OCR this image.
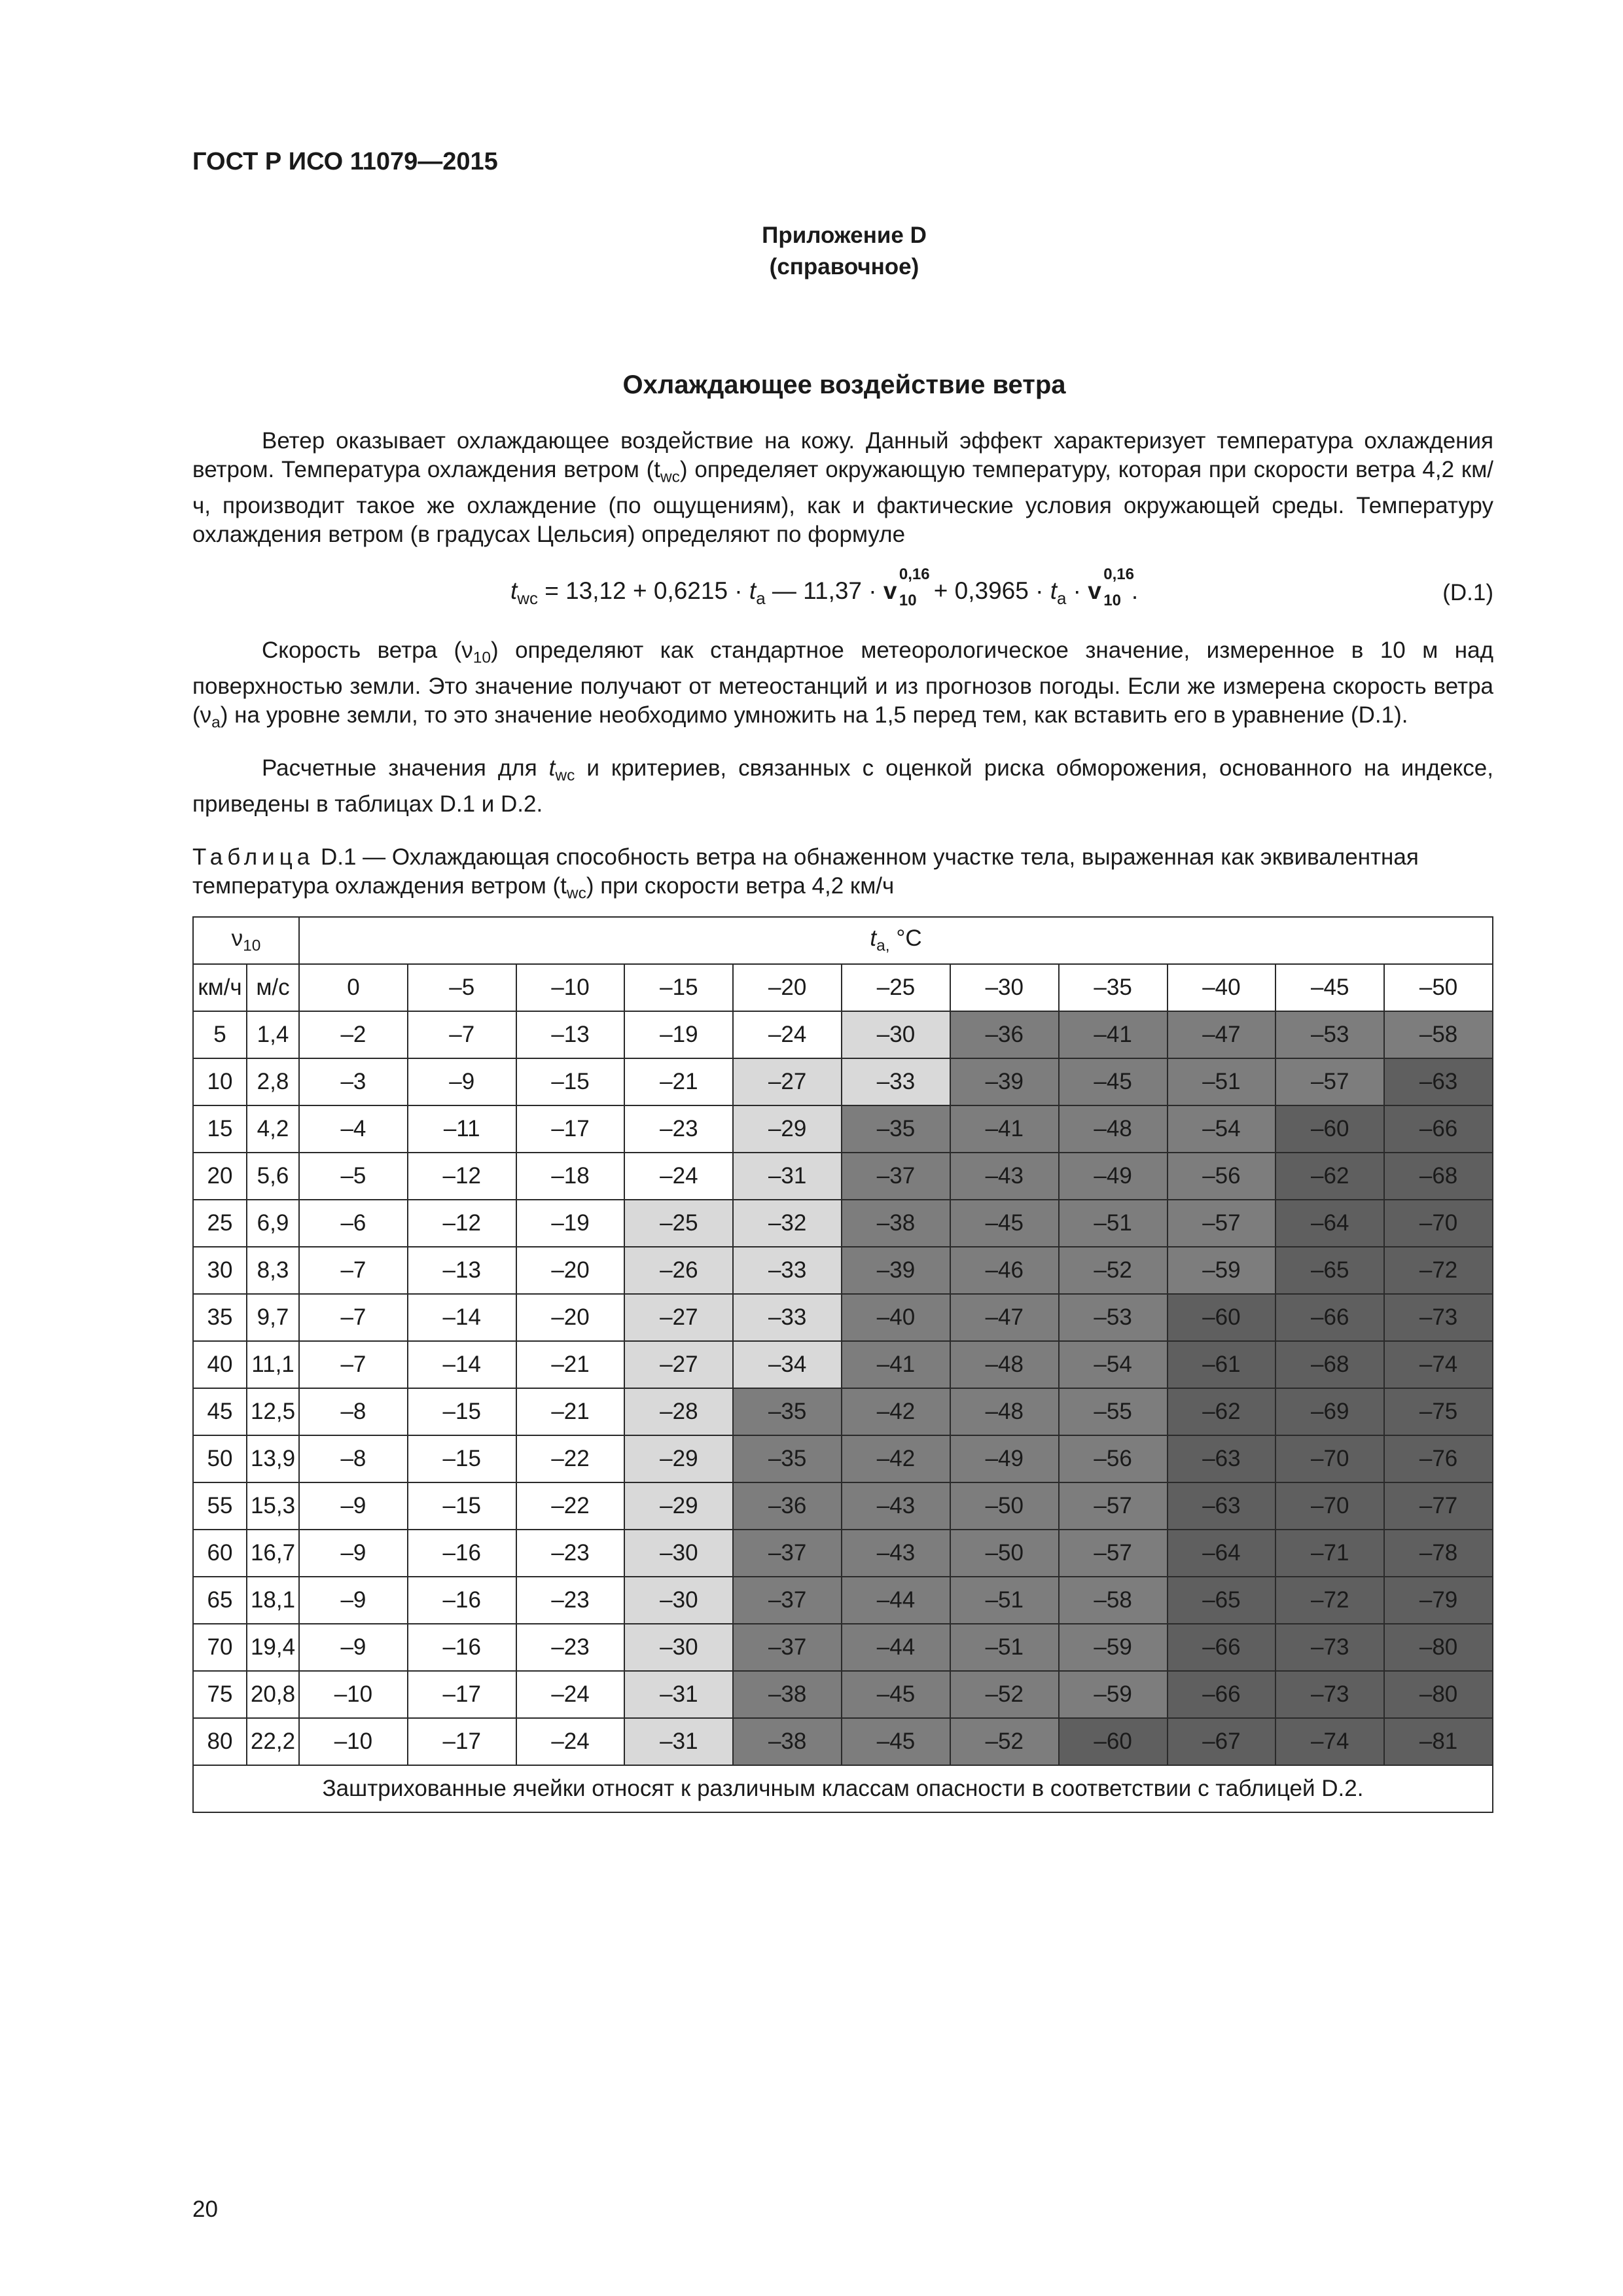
ГОСТ Р ИСО 11079—2015
Приложение D
(справочное)
Охлаждающее воздействие ветра
Ветер оказывает охлаждающее воздействие на кожу. Данный эффект характеризует температура охлаждения ветром. Температура охлаждения ветром $(t_{wc})$ определяет окружающую температуру, которая при скорости ветра 4,2 км/ч, производит такое же охлаждение (по ощущениям), как и фактические условия окружающей среды. Температуру охлаждения ветром (в градусах Цельсия) определяют по формуле
$t_{wc} = 13,12 + 0,6215 \cdot t_a$ — 11,37 · v
0,16
$10 + 0,3965 \cdot t_a \cdot v$
0,16
10 .	(D.1)
Скорость ветра $(\nu_{10})$ определяют как стандартное метеорологическое значение, измеренное в 10 м над поверхностью земли. Это значение получают от метеостанций и из прогнозов погоды. Если же измерена скорость ветра $(\nu_a)$ на уровне земли, то это значение необходимо умножить на 1,5 перед тем, как вставить его в уравнение (D.1).
Расчетные значения для $t_{wc}$ и критериев, связанных с оценкой риска обморожения, основанного на индексе, приведены в таблицах D.1 и D.2.
Таблица D.1 — Охлаждающая способность ветра на обнаженном участке тела, выраженная как эквивалентная температура охлаждения ветром $(t_{wc})$ при скорости ветра 4,2 км/ч
$\nu_{10}$		$t_{a,}$ °C										
км/ч	м/с	0	–5	–10	–15	–20	–25	–30	–35	–40	–45	–50
5	1,4	–2	–7	–13	–19	–24	–30	–36	–41	–47	–53	–58
10	2,8	–3	–9	–15	–21	–27	–33	–39	–45	–51	–57	–63
15	4,2	–4	–11	–17	–23	–29	–35	–41	–48	–54	–60	–66
20	5,6	–5	–12	–18	–24	–31	–37	–43	–49	–56	–62	–68
25	6,9	–6	–12	–19	–25	–32	–38	–45	–51	–57	–64	–70
30	8,3	–7	–13	–20	–26	–33	–39	–46	–52	–59	–65	–72
35	9,7	–7	–14	–20	–27	–33	–40	–47	–53	–60	–66	–73
40	11,1	–7	–14	–21	–27	–34	–41	–48	–54	–61	–68	–74
45	12,5	–8	–15	–21	–28	–35	–42	–48	–55	–62	–69	–75
50	13,9	–8	–15	–22	–29	–35	–42	–49	–56	–63	–70	–76
55	15,3	–9	–15	–22	–29	–36	–43	–50	–57	–63	–70	–77
60	16,7	–9	–16	–23	–30	–37	–43	–50	–57	–64	–71	–78
65	18,1	–9	–16	–23	–30	–37	–44	–51	–58	–65	–72	–79
70	19,4	–9	–16	–23	–30	–37	–44	–51	–59	–66	–73	–80
75	20,8	–10	–17	–24	–31	–38	–45	–52	–59	–66	–73	–80
80	22,2	–10	–17	–24	–31	–38	–45	–52	–60	–67	–74	–81
Заштрихованные ячейки относят к различным классам опасности в соответствии с таблицей D.2.												
20
